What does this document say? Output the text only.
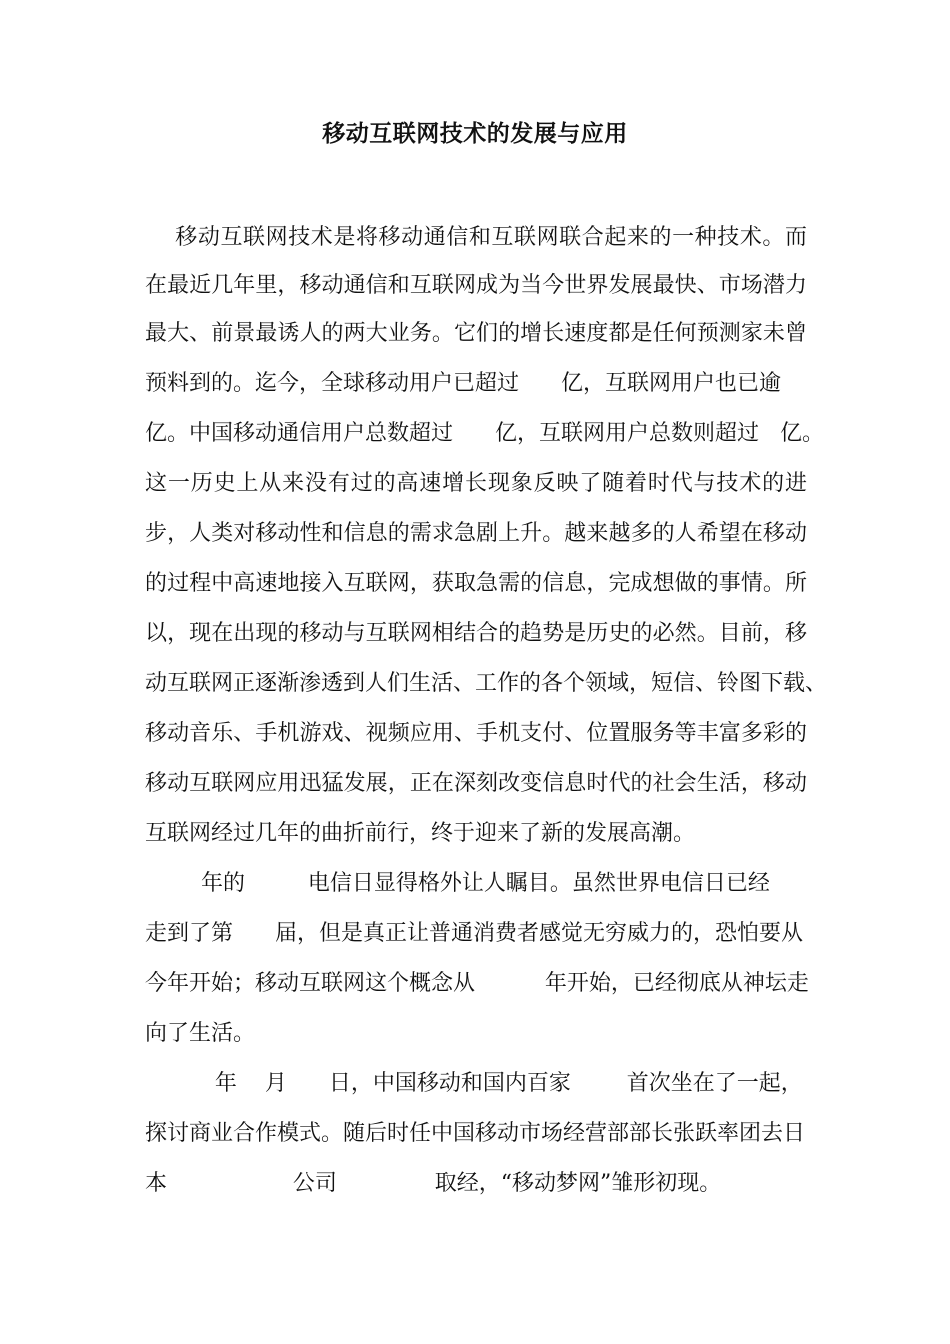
移动互联网技术的发展与应用

移动互联网技术是将移动通信和互联网联合起来的一种技术。而

在最近几年里，移动通信和互联网成为当今世界发展最快、市场潜力

最大、前景最诱人的两大业务。它们的增长速度都是任何预测家未曾

预料到的。迄今，全球移动用户已超过      亿，互联网用户也已逾

亿。中国移动通信用户总数超过      亿，互联网用户总数则超过   亿。

这一历史上从来没有过的高速增长现象反映了随着时代与技术的进

步，人类对移动性和信息的需求急剧上升。越来越多的人希望在移动

的过程中高速地接入互联网，获取急需的信息，完成想做的事情。所

以，现在出现的移动与互联网相结合的趋势是历史的必然。目前，移

动互联网正逐渐渗透到人们生活、工作的各个领域，短信、铃图下载、

移动音乐、手机游戏、视频应用、手机支付、位置服务等丰富多彩的

移动互联网应用迅猛发展，正在深刻改变信息时代的社会生活，移动

互联网经过几年的曲折前行，终于迎来了新的发展高潮。

年的         电信日显得格外让人瞩目。虽然世界电信日已经

走到了第      届，但是真正让普通消费者感觉无穷威力的，恐怕要从

今年开始；移动互联网这个概念从          年开始，已经彻底从神坛走

向了生活。

年    月      日，中国移动和国内百家        首次坐在了一起，

探讨商业合作模式。随后时任中国移动市场经营部部长张跃率团去日

本                  公司              取经，“移动梦网”雏形初现。
